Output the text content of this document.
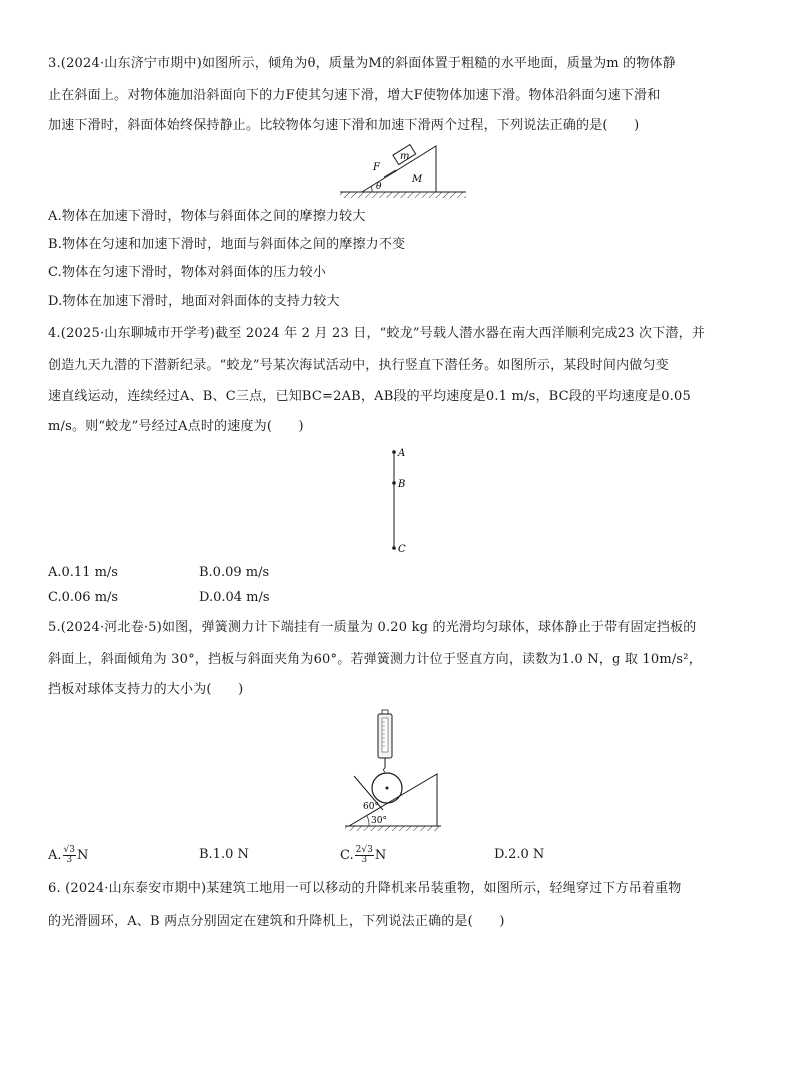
3.(2024·山东济宁市期中)如图所示，倾角为θ，质量为M的斜面体置于粗糙的水平地面，质量为m 的物体静
止在斜面上。对物体施加沿斜面向下的力F使其匀速下滑，增大F使物体加速下滑。物体沿斜面匀速下滑和
加速下滑时，斜面体始终保持静止。比较物体匀速下滑和加速下滑两个过程，下列说法正确的是(　　)
m
F
M
θ
A.物体在加速下滑时，物体与斜面体之间的摩擦力较大
B.物体在匀速和加速下滑时，地面与斜面体之间的摩擦力不变
C.物体在匀速下滑时，物体对斜面体的压力较小
D.物体在加速下滑时，地面对斜面体的支持力较大
4.(2025·山东聊城市开学考)截至 2024 年 2 月 23 日，“蛟龙”号载人潜水器在南大西洋顺利完成23 次下潜，并
创造九天九潜的下潜新纪录。“蛟龙”号某次海试活动中，执行竖直下潜任务。如图所示，某段时间内做匀变
速直线运动，连续经过A、B、C三点，已知BC=2AB，AB段的平均速度是0.1 m/s，BC段的平均速度是0.05
m/s。则“蛟龙”号经过A点时的速度为(　　)
A
B
C
A.0.11 m/s	B.0.09 m/s
C.0.06 m/s	D.0.04 m/s
5.(2024·河北卷·5)如图，弹簧测力计下端挂有一质量为 0.20 kg 的光滑均匀球体，球体静止于带有固定挡板的
斜面上，斜面倾角为 30°，挡板与斜面夹角为60°。若弹簧测力计位于竖直方向，读数为1.0 N，g 取 10m/s²，
挡板对球体支持力的大小为(　　)
60°
30°
A. $\frac{√3}{3}$ N	B.1.0 N	C. $\frac{2√3}{3}$ N	D.2.0 N
6. (2024·山东泰安市期中)某建筑工地用一可以移动的升降机来吊装重物，如图所示，轻绳穿过下方吊着重物
的光滑圆环，A、B 两点分别固定在建筑和升降机上，下列说法正确的是(　　)
